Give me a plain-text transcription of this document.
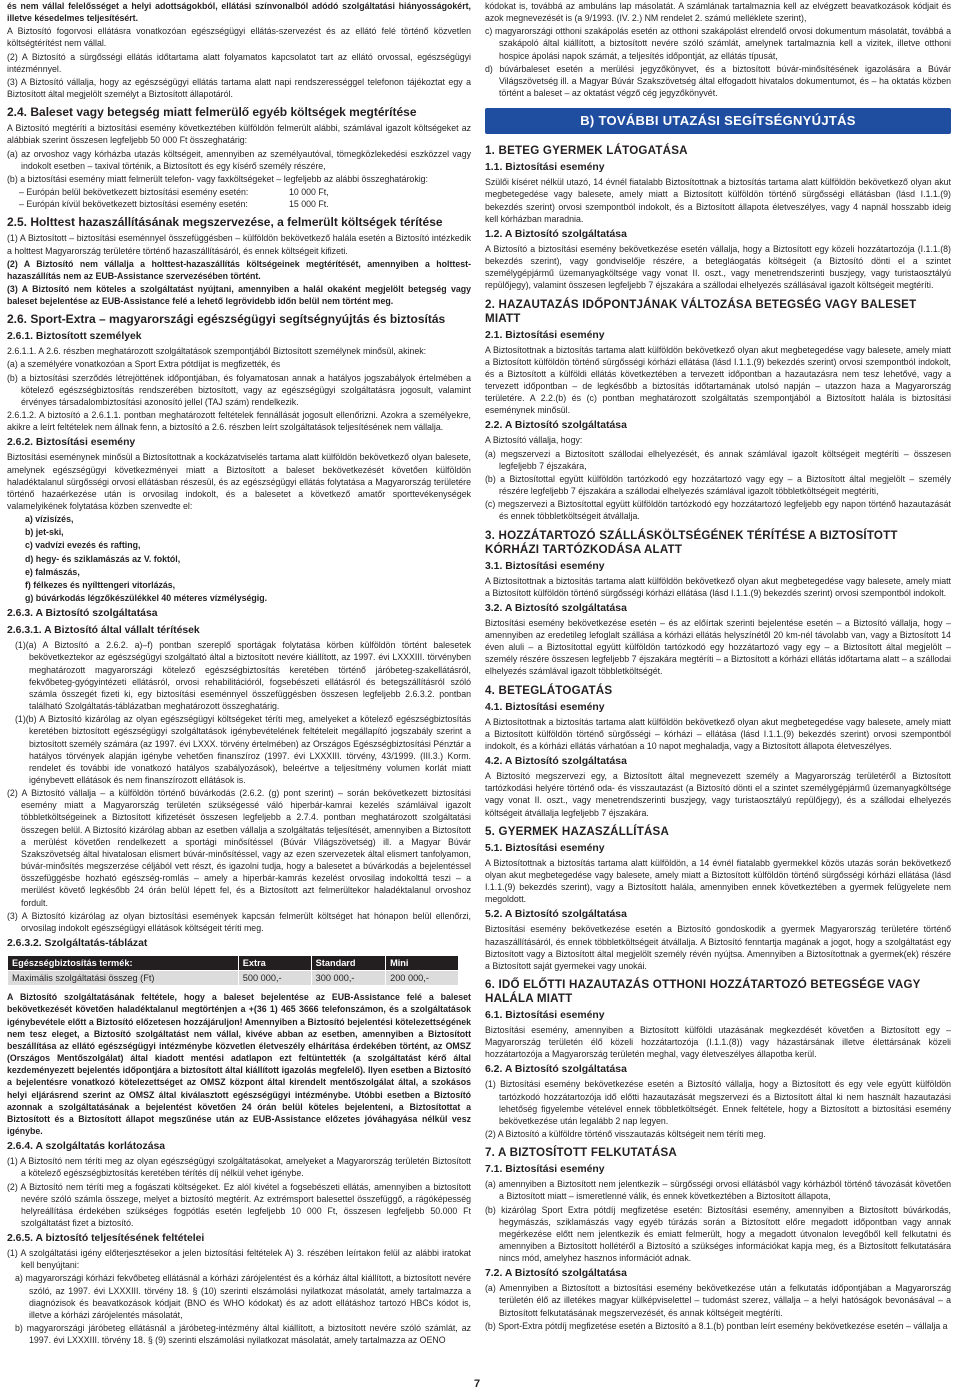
és nem vállal felelősséget a helyi adottságokból, ellátási színvonalból adódó szolgáltatási hiányosságokért, illetve késedelmes teljesítésért.

A Biztosító fogorvosi ellátásra vonatkozóan egészségügyi ellátás-szervezést és az ellátó felé történő közvetlen költségtérítést nem vállal.

(2) A Biztosító a sürgősségi ellátás időtartama alatt folyamatos kapcsolatot tart az ellátó orvossal, egészségügyi intézménnyel.

(3) A Biztosító vállalja, hogy az egészségügyi ellátás tartama alatt napi rendszerességgel telefonon tájékoztat egy a Biztosított által megjelölt személyt a Biztosított állapotáról.

2.4. Baleset vagy betegség miatt felmerülő egyéb költségek megtérítése

A Biztosító megtéríti a biztosítási esemény következtében külföldön felmerült alábbi, számlával igazolt költségeket az alábbiak szerint összesen legfeljebb 50 000 Ft összeghatárig:

(a) az orvoshoz vagy kórházba utazás költségeit, amennyiben az személyautóval, tömegközlekedési eszközzel vagy indokolt esetben – taxival történik, a Biztosított és egy kísérő személy részére,

(b) a biztosítási esemény miatt felmerült telefon- vagy faxköltségeket – legfeljebb az alábbi összeghatárokig:

– Európán belül bekövetkezett biztosítási esemény esetén:	10 000 Ft,
– Európán kívül bekövetkezett biztosítási esemény esetén:	15 000 Ft.
2.5. Holttest hazaszállításának megszervezése, a felmerült költségek térítése

(1) A Biztosított – biztosítási eseménnyel összefüggésben – külföldön bekövetkező halála esetén a Biztosító intézkedik a holttest Magyarország területére történő hazaszállításáról, és ennek költségeit kifizeti.

(2) A Biztosító nem vállalja a holttest-hazaszállítás költségeinek megtérítését, amennyiben a holttest-hazaszállítás nem az EUB-Assistance szervezésében történt.

(3) A Biztosító nem köteles a szolgáltatást nyújtani, amennyiben a halál okaként megjelölt betegség vagy baleset bejelentése az EUB-Assistance felé a lehető legrövidebb időn belül nem történt meg.

2.6. Sport-Extra – magyarországi egészségügyi segítségnyújtás és biztosítás
2.6.1. Biztosított személyek

2.6.1.1. A 2.6. részben meghatározott szolgáltatások szempontjából Biztosított személynek minősül, akinek:

(a) a személyére vonatkozóan a Sport Extra pótdíjat is megfizették, és

(b) a biztosítási szerződés létrejöttének időpontjában, és folyamatosan annak a hatályos jogszabályok értelmében a kötelező egészségbiztosítás rendszerében biztosított, vagy az egészségügyi szolgáltatásra jogosult, valamint érvényes társadalombiztosítási azonosító jellel (TAJ szám) rendelkezik.

2.6.1.2. A biztosító a 2.6.1.1. pontban meghatározott feltételek fennállását jogosult ellenőrizni. Azokra a személyekre, akikre a leírt feltételek nem állnak fenn, a biztosító a 2.6. részben leírt szolgáltatások teljesítésének nem vállalja.

2.6.2. Biztosítási esemény

Biztosítási eseménynek minősül a Biztosítottnak a kockázatviselés tartama alatt külföldön bekövetkező olyan balesete, amelynek egészségügyi következményei miatt a Biztosított a baleset bekövetkezését követően külföldön haladéktalanul sürgősségi orvosi ellátásban részesül, és az egészségügyi ellátás folytatása a Magyarország területére történő hazaérkezése után is orvosilag indokolt, és a balesetet a következő amatőr sporttevékenységek valamelyikének folytatása közben szenvedte el:

a) vízisízés,
b) jet-ski,
c) vadvízi evezés és rafting,
d) hegy- és sziklamászás az V. foktól,
e) falmászás,
f) félkezes és nyílttengeri vitorlázás,
g) búvárkodás légzőkészülékkel 40 méteres vízmélységig.
2.6.3. A Biztosító szolgáltatása
2.6.3.1. A Biztosító által vállalt térítések

(1)(a) A Biztosító a 2.6.2. a)–f) pontban szereplő sportágak folytatása körben külföldön történt balesetek bekövetkeztekor az egészségügyi szolgáltató által a biztosított nevére kiállított, az 1997. évi LXXXIII. törvényben meghatározott magyarországi kötelező egészségbiztosítás keretében történő járóbeteg-szakellátásról, fekvőbeteg-gyógyintézeti ellátásról, orvosi rehabilitációról, fogsebészeti ellátásról és betegszállításról szóló számla összegét fizeti ki, egy biztosítási eseménnyel összefüggésben összesen legfeljebb 2.6.3.2. pontban található Szolgáltatás-táblázatban meghatározott összeghatárig.

(1)(b) A Biztosító kizárólag az olyan egészségügyi költségeket téríti meg, amelyeket a kötelező egészségbiztosítás keretében biztosított egészségügyi szolgáltatások igénybevételének feltételeit megállapító jogszabály szerint a biztosított személy számára (az 1997. évi LXXX. törvény értelmében) az Országos Egészségbiztosítási Pénztár a hatályos törvények alapján igénybe vehetően finanszíroz (1997. évi LXXXIII. törvény, 43/1999. (III.3.) Korm. rendelet és további ide vonatkozó hatályos szabályozások), beleértve a teljesítmény volumen korlát miatt igénybevett ellátások és nem finanszírozott ellátások is.

(2) A Biztosító vállalja – a külföldön történő búvárkodás (2.6.2. (g) pont szerint) – során bekövetkezett biztosítási esemény miatt a Magyarország területén szükségessé váló hiperbár-kamrai kezelés számláival igazolt többletköltségeinek a Biztosított kifizetését összesen legfeljebb a 2.7.4. pontban meghatározott szolgáltatási összegen belül. A Biztosító kizárólag abban az esetben vállalja a szolgáltatás teljesítését, amennyiben a Biztosított a merülést követően rendelkezett a sportági minősítéssel (Búvár Világszövetség) ill. a Magyar Búvár Szakszövetség által hivatalosan elismert búvár-minősítéssel, vagy az ezen szervezetek által elismert tanfolyamon, búvár-minősítés megszerzése céljából vett részt, és igazolni tudja, hogy a balesetet a búvárkodás a bejelentéssel összefüggésbe hozható egészség-romlás – amely a hiperbár-kamrás kezelést orvosilag indokolttá teszi – a merülést követő legkésőbb 24 órán belül lépett fel, és a Biztosított azt felmerültekor haladéktalanul orvoshoz fordult.

(3) A Biztosító kizárólag az olyan biztosítási események kapcsán felmerült költséget hat hónapon belül ellenőrzi, orvosilag indokolt egészségügyi ellátások költségeit téríti meg.

2.6.3.2. Szolgáltatás-táblázat
Egészségbiztosítás termék:	Extra	Standard	Mini
Maximális szolgáltatási összeg (Ft)	500 000,-	300 000,-	200 000,-

A Biztosító szolgáltatásának feltétele, hogy a baleset bejelentése az EUB-Assistance felé a baleset bekövetkezését követően haladéktalanul megtörténjen a +(36 1) 465 3666 telefonszámon, és a szolgáltatások igénybevétele előtt a Biztosító előzetesen hozzájáruljon! Amennyiben a Biztosító bejelentési kötelezettségének nem tesz eleget, a Biztosító szolgáltatást nem vállal, kivéve abban az esetben, amennyiben a Biztosított beszállítása az ellátó egészségügyi intézménybe közvetlen életveszély elhárítása érdekében történt, az OMSZ (Országos Mentőszolgálat) által kiadott mentési adatlapon ezt feltüntették (a szolgáltatást kérő által kezdeményezett bejelentés időpontjára a biztosított által kiállított igazolás megfelelő). Ilyen esetben a Biztosító a bejelentésre vonatkozó kötelezettséget az OMSZ központ által kirendelt mentőszolgálat által, a szokásos helyi eljárásrend szerint az OMSZ által kiválasztott egészségügyi intézménybe. Utóbbi esetben a Biztosító azonnak a szolgáltatásának a bejelentést követően 24 órán belül köteles bejelenteni, a Biztosítottat a Biztosított és a Biztosított állapot megszűnése után az EUB-Assistance előzetes jóváhagyása nélkül vesz igénybe.

2.6.4. A szolgáltatás korlátozása

(1) A Biztosító nem téríti meg az olyan egészségügyi szolgáltatásokat, amelyeket a Magyarország területén Biztosított a kötelező egészségbiztosítás keretében térítés díj nélkül vehet igénybe.

(2) A Biztosító nem téríti meg a fogászati költségeket. Ez alól kivétel a fogsebészeti ellátás, amennyiben a biztosított nevére szóló számla összege, melyet a biztosító megtérít. Az extrémsport balesettel összefüggő, a rágóképesség helyreállítása érdekében szükséges fogpótlás esetén legfeljebb 10 000 Ft, összesen legfeljebb 50.000 Ft szolgáltatást fizet a biztosító.

2.6.5. A biztosító teljesítésének feltételei

(1) A szolgáltatási igény előterjesztésekor a jelen biztosítási feltételek A) 3. részében leírtakon felül az alábbi iratokat kell benyújtani:

a) magyarországi kórházi fekvőbeteg ellátásnál a kórházi zárójelentést és a kórház által kiállított, a biztosított nevére szóló, az 1997. évi LXXXIII. törvény 18. § (10) szerinti elszámolási nyilatkozat másolatát, amely tartalmazza a diagnózisok és beavatkozások kódjait (BNO és WHO kódokat) és az adott ellátáshoz tartozó HBCs kódot is, illetve a kórházi zárójelentés másolatát,

b) magyarországi járóbeteg ellátásnál a járóbeteg-intézmény által kiállított, a biztosított nevére szóló számlát, az 1997. évi LXXXIII. törvény 18. § (9) szerinti elszámolási nyilatkozat másolatát, amely tartalmazza az OENO

kódokat is, továbbá az ambuláns lap másolatát. A számlának tartalmaznia kell az elvégzett beavatkozások kódjait és azok megnevezését is (a 9/1993. (IV. 2.) NM rendelet 2. számú melléklete szerint),

c) magyarországi otthoni szakápolás esetén az otthoni szakápolást elrendelő orvosi dokumentum másolatát, továbbá a szakápoló által kiállított, a biztosított nevére szóló számlát, amelynek tartalmaznia kell a vizitek, illetve otthoni hospice ápolási napok számát, a teljesítés időpontját, az ellátás típusát,

d) búvárbaleset esetén a merülési jegyzőkönyvet, és a biztosított búvár-minősítésének igazolására a Búvár Világszövetség ill. a Magyar Búvár Szakszövetség által elfogadott hivatalos dokumentumot, és – ha oktatás közben történt a baleset – az oktatást végző cég jegyzőkönyvét.

B) TOVÁBBI UTAZÁSI SEGÍTSÉGNYÚJTÁS
1. BETEG GYERMEK LÁTOGATÁSA
1.1. Biztosítási esemény

Szülői kíséret nélkül utazó, 14 évnél fiatalabb Biztosítottnak a biztosítás tartama alatt külföldön bekövetkező olyan akut megbetegedése vagy balesete, amely miatt a Biztosított külföldön történő sürgősségi ellátásban (lásd I.1.1.(9) bekezdés szerint) orvosi szempontból indokolt, és a Biztosított állapota életveszélyes, vagy 4 napnál hosszabb ideig kell kórházban maradnia.

1.2. A Biztosító szolgáltatása

A Biztosító a biztosítási esemény bekövetkezése esetén vállalja, hogy a Biztosított egy közeli hozzátartozója (I.1.1.(8) bekezdés szerint), vagy gondviselője részére, a betegláogatás költségeit (a Biztosító dönti el a szintet személygépjármű üzemanyagköltsége vagy vonat II. oszt., vagy menetrendszerinti buszjegy, vagy turistaosztályú repülőjegy), valamint összesen legfeljebb 7 éjszakára a szállodai elhelyezés szállásával igazolt költségeit megtéríti.

2. HAZAUTAZÁS IDŐPONTJÁNAK VÁLTOZÁSA BETEGSÉG VAGY BALESET MIATT
2.1. Biztosítási esemény

A Biztosítottnak a biztosítás tartama alatt külföldön bekövetkező olyan akut megbetegedése vagy balesete, amely miatt a Biztosított külföldön történő sürgősségi kórházi ellátása (lásd I.1.1.(9) bekezdés szerint) orvosi szempontból indokolt, és a Biztosított a külföldi ellátás következtében a tervezett időpontban a hazautazásra nem tesz lehetővé, vagy a tervezett időpontban – de legkésőbb a biztosítás időtartamának utolsó napján – utazzon haza a Magyarország területére. A 2.2.(b) és (c) pontban meghatározott szolgáltatás szempontjából a Biztosított halála is biztosítási eseménynek minősül.

2.2. A Biztosító szolgáltatása

A Biztosító vállalja, hogy:

(a) megszervezi a Biztosított szállodai elhelyezését, és annak számlával igazolt költségeit megtéríti – összesen legfeljebb 7 éjszakára,

(b) a Biztosítottal együtt külföldön tartózkodó egy hozzátartozó vagy egy – a Biztosított által megjelölt – személy részére legfeljebb 7 éjszakára a szállodai elhelyezés számlával igazolt többletköltségeit megtéríti,

(c) megszervezi a Biztosítottal együtt külföldön tartózkodó egy hozzátartozó legfeljebb egy napon történő hazautazását és ennek többletköltségeit átvállalja.

3. HOZZÁTARTOZÓ SZÁLLÁSKÖLTSÉGÉNEK TÉRÍTÉSE A BIZTOSÍTOTT KÓRHÁZI TARTÓZKODÁSA ALATT
3.1. Biztosítási esemény

A Biztosítottnak a biztosítás tartama alatt külföldön bekövetkező olyan akut megbetegedése vagy balesete, amely miatt a Biztosított külföldön történő sürgősségi kórházi ellátása (lásd I.1.1.(9) bekezdés szerint) orvosi szempontból indokolt.

3.2. A Biztosító szolgáltatása

Biztosítási esemény bekövetkezése esetén – és az előírtak szerinti bejelentése esetén – a Biztosító vállalja, hogy – amennyiben az eredetileg lefoglalt szállása a kórházi ellátás helyszínétől 20 km-nél távolabb van, vagy a Biztosított 14 éven aluli – a Biztosítottal együtt külföldön tartózkodó egy hozzátartozó vagy egy – a Biztosított által megjelölt – személy részére összesen legfeljebb 7 éjszakára megtéríti – a Biztosított a kórházi ellátás időtartama alatt – a szállodai elhelyezés számlával igazolt többletköltségét.

4. BETEGLÁTOGATÁS
4.1. Biztosítási esemény

A Biztosítottnak a biztosítás tartama alatt külföldön bekövetkező olyan akut megbetegedése vagy balesete, amely miatt a Biztosított külföldön történő sürgősségi – kórházi – ellátása (lásd I.1.1.(9) bekezdés szerint) orvosi szempontból indokolt, és a kórházi ellátás várhatóan a 10 napot meghaladja, vagy a Biztosított állapota életveszélyes.

4.2. A Biztosító szolgáltatása

A Biztosító megszervezi egy, a Biztosított által megnevezett személy a Magyarország területéről a Biztosított tartózkodási helyére történő oda- és visszautazást (a Biztosító dönti el a szintet személygépjármű üzemanyagköltsége vagy vonat II. oszt., vagy menetrendszerinti buszjegy, vagy turistaosztályú repülőjegy), és a szállodai elhelyezés költségeit átvállalja legfeljebb 7 éjszakára.

5. GYERMEK HAZASZÁLLÍTÁSA
5.1. Biztosítási esemény

A Biztosítottnak a biztosítás tartama alatt külföldön, a 14 évnél fiatalabb gyermekkel közös utazás során bekövetkező olyan akut megbetegedése vagy balesete, amely miatt a Biztosított külföldön történő sürgősségi kórházi ellátása (lásd I.1.1.(9) bekezdés szerint), vagy a Biztosított halála, amennyiben ennek következtében a gyermek felügyelete nem megoldott.

5.2. A Biztosító szolgáltatása

Biztosítási esemény bekövetkezése esetén a Biztosító gondoskodik a gyermek Magyarország területére történő hazaszállításáról, és ennek többletköltségeit átvállalja. A Biztosító fenntartja magának a jogot, hogy a szolgáltatást egy Biztosított vagy a Biztosított által megjelölt személy révén nyújtsa. Amennyiben a Biztosítottnak a gyermek(ek) részére a Biztosított saját gyermekei vagy unokái.

6. IDŐ ELŐTTI HAZAUTAZÁS OTTHONI HOZZÁTARTOZÓ BETEGSÉGE VAGY HALÁLA MIATT
6.1. Biztosítási esemény

Biztosítási esemény, amennyiben a Biztosított külföldi utazásának megkezdését követően a Biztosított egy – Magyarország területén élő közeli hozzátartozója (I.1.1.(8)) vagy házastársának illetve élettársának közeli hozzátartozója a Magyarország területén meghal, vagy életveszélyes állapotba kerül.

6.2. A Biztosító szolgáltatása

(1) Biztosítási esemény bekövetkezése esetén a Biztosító vállalja, hogy a Biztosított és egy vele együtt külföldön tartózkodó hozzátartozója idő előtti hazautazását megszervezi és a Biztosított által ki nem használt hazautazási lehetőség figyelembe vételével ennek többletköltségét. Ennek feltétele, hogy a Biztosított a biztosítási esemény bekövetkezése után legalább 2 nap legyen.

(2) A Biztosító a külföldre történő visszautazás költségeit nem téríti meg.

7. A BIZTOSÍTOTT FELKUTATÁSA
7.1. Biztosítási esemény

(a) amennyiben a Biztosított nem jelentkezik – sürgősségi orvosi ellátásból vagy kórházból történő távozását követően a Biztosított miatt – ismeretlenné válik, és ennek következtében a Biztosított állapota,

(b) kizárólag Sport Extra pótdíj megfizetése esetén: Biztosítási esemény, amennyiben a Biztosított búvárkodás, hegymászás, sziklamászás vagy egyéb túrázás során a Biztosított előre megadott időpontban vagy annak megérkezése előtt nem jelentkezik és emiatt felmerült, hogy a megadott útvonalon levegőből kell felkutatni és amennyiben a Biztosított hollétéről a Biztosító a szükséges információkat kapja meg, és a Biztosított felkutatására nincs mód, amelyhez hasznos információt adnak.

7.2. A Biztosító szolgáltatása

(a) Amennyiben a Biztosított a biztosítási esemény bekövetkezése után a felkutatás időpontjában a Magyarország területén élő az illetékes magyar külképviselettel – tudomást szerez, vállalja – a helyi hatóságok bevonásával – a Biztosított felkutatásának megszervezését, és annak költségeit megtéríti.

(b) Sport-Extra pótdíj megfizetése esetén a Biztosító a 8.1.(b) pontban leírt esemény bekövetkezése esetén – vállalja a

7
